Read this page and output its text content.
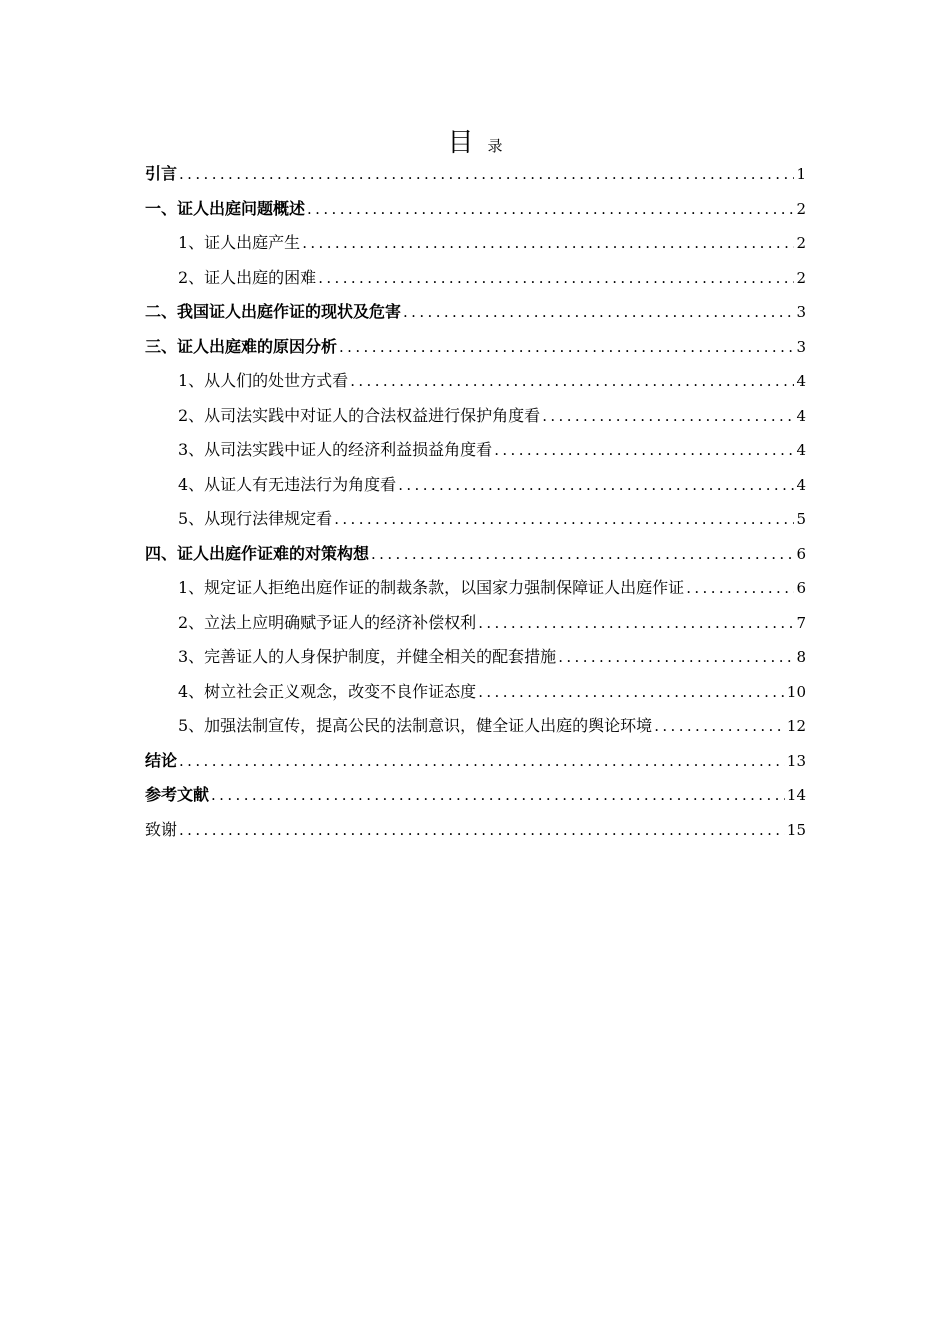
目录
引言 .....	1
一、证人出庭问题概述 .....	2
1、证人出庭产生 .....	2
2、证人出庭的困难 .....	2
二、我国证人出庭作证的现状及危害 .....	3
三、证人出庭难的原因分析 .....	3
1、从人们的处世方式看 .....	4
2、从司法实践中对证人的合法权益进行保护角度看 .....	4
3、从司法实践中证人的经济利益损益角度看 .....	4
4、从证人有无违法行为角度看 .....	4
5、从现行法律规定看 .....	5
四、证人出庭作证难的对策构想 .....	6
1、规定证人拒绝出庭作证的制裁条款，以国家力强制保障证人出庭作证 .....	6
2、立法上应明确赋予证人的经济补偿权利 .....	7
3、完善证人的人身保护制度，并健全相关的配套措施 .....	8
4、树立社会正义观念，改变不良作证态度 .....	10
5、加强法制宣传，提高公民的法制意识，健全证人出庭的舆论环境 .....	12
结论 .....	13
参考文献 .....	14
致谢 .....	15
